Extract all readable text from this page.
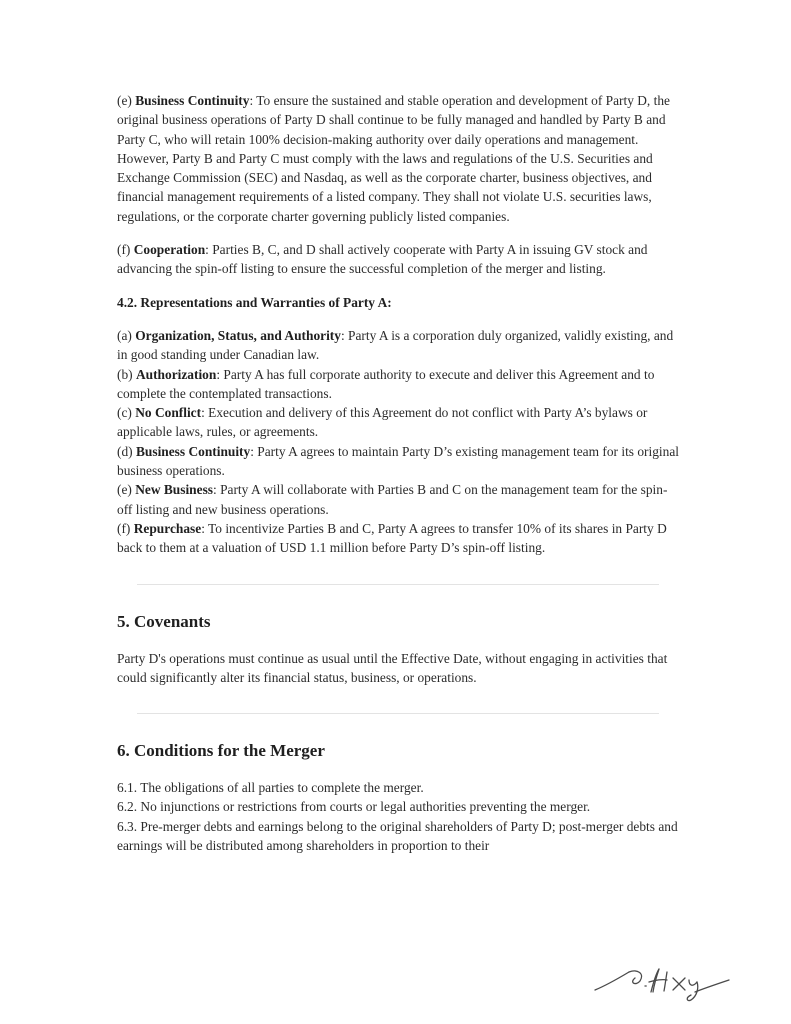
(e) Business Continuity: To ensure the sustained and stable operation and development of Party D, the original business operations of Party D shall continue to be fully managed and handled by Party B and Party C, who will retain 100% decision-making authority over daily operations and management. However, Party B and Party C must comply with the laws and regulations of the U.S. Securities and Exchange Commission (SEC) and Nasdaq, as well as the corporate charter, business objectives, and financial management requirements of a listed company. They shall not violate U.S. securities laws, regulations, or the corporate charter governing publicly listed companies.

(f) Cooperation: Parties B, C, and D shall actively cooperate with Party A in issuing GV stock and advancing the spin-off listing to ensure the successful completion of the merger and listing.

4.2. Representations and Warranties of Party A:

(a) Organization, Status, and Authority: Party A is a corporation duly organized, validly existing, and in good standing under Canadian law.

(b) Authorization: Party A has full corporate authority to execute and deliver this Agreement and to complete the contemplated transactions.

(c) No Conflict: Execution and delivery of this Agreement do not conflict with Party A’s bylaws or applicable laws, rules, or agreements.

(d) Business Continuity: Party A agrees to maintain Party D’s existing management team for its original business operations.

(e) New Business: Party A will collaborate with Parties B and C on the management team for the spin-off listing and new business operations.

(f) Repurchase: To incentivize Parties B and C, Party A agrees to transfer 10% of its shares in Party D back to them at a valuation of USD 1.1 million before Party D’s spin-off listing.

5. Covenants

Party D's operations must continue as usual until the Effective Date, without engaging in activities that could significantly alter its financial status, business, or operations.

6. Conditions for the Merger

6.1. The obligations of all parties to complete the merger.

6.2. No injunctions or restrictions from courts or legal authorities preventing the merger.

6.3. Pre-merger debts and earnings belong to the original shareholders of Party D; post-merger debts and earnings will be distributed among shareholders in proportion to their
